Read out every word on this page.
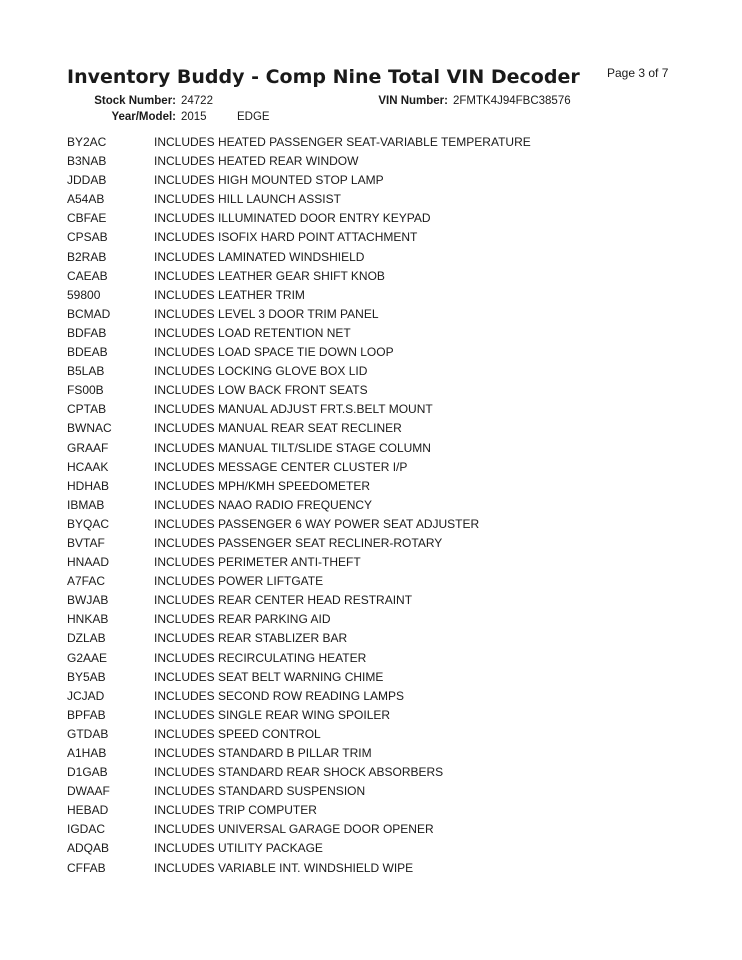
Page 3 of 7
Inventory Buddy - Comp Nine Total VIN Decoder
Stock Number: 24722	VIN Number: 2FMTK4J94FBC38576
Year/Model: 2015	EDGE
BY2AC	INCLUDES HEATED PASSENGER SEAT-VARIABLE TEMPERATURE
B3NAB	INCLUDES HEATED REAR WINDOW
JDDAB	INCLUDES HIGH MOUNTED STOP LAMP
A54AB	INCLUDES HILL LAUNCH ASSIST
CBFAE	INCLUDES ILLUMINATED DOOR ENTRY KEYPAD
CPSAB	INCLUDES ISOFIX HARD POINT ATTACHMENT
B2RAB	INCLUDES LAMINATED WINDSHIELD
CAEAB	INCLUDES LEATHER GEAR SHIFT KNOB
59800	INCLUDES LEATHER TRIM
BCMAD	INCLUDES LEVEL 3 DOOR TRIM PANEL
BDFAB	INCLUDES LOAD RETENTION NET
BDEAB	INCLUDES LOAD SPACE TIE DOWN LOOP
B5LAB	INCLUDES LOCKING GLOVE BOX LID
FS00B	INCLUDES LOW BACK FRONT SEATS
CPTAB	INCLUDES MANUAL ADJUST FRT.S.BELT MOUNT
BWNAC	INCLUDES MANUAL REAR SEAT RECLINER
GRAAF	INCLUDES MANUAL TILT/SLIDE STAGE COLUMN
HCAAK	INCLUDES MESSAGE CENTER CLUSTER I/P
HDHAB	INCLUDES MPH/KMH SPEEDOMETER
IBMAB	INCLUDES NAAO RADIO FREQUENCY
BYQAC	INCLUDES PASSENGER 6 WAY POWER SEAT ADJUSTER
BVTAF	INCLUDES PASSENGER SEAT RECLINER-ROTARY
HNAAD	INCLUDES PERIMETER ANTI-THEFT
A7FAC	INCLUDES POWER LIFTGATE
BWJAB	INCLUDES REAR CENTER HEAD RESTRAINT
HNKAB	INCLUDES REAR PARKING AID
DZLAB	INCLUDES REAR STABLIZER BAR
G2AAE	INCLUDES RECIRCULATING HEATER
BY5AB	INCLUDES SEAT BELT WARNING CHIME
JCJAD	INCLUDES SECOND ROW READING LAMPS
BPFAB	INCLUDES SINGLE REAR WING SPOILER
GTDAB	INCLUDES SPEED CONTROL
A1HAB	INCLUDES STANDARD B PILLAR TRIM
D1GAB	INCLUDES STANDARD REAR SHOCK ABSORBERS
DWAAF	INCLUDES STANDARD SUSPENSION
HEBAD	INCLUDES TRIP COMPUTER
IGDAC	INCLUDES UNIVERSAL GARAGE DOOR OPENER
ADQAB	INCLUDES UTILITY PACKAGE
CFFAB	INCLUDES VARIABLE INT. WINDSHIELD WIPE
